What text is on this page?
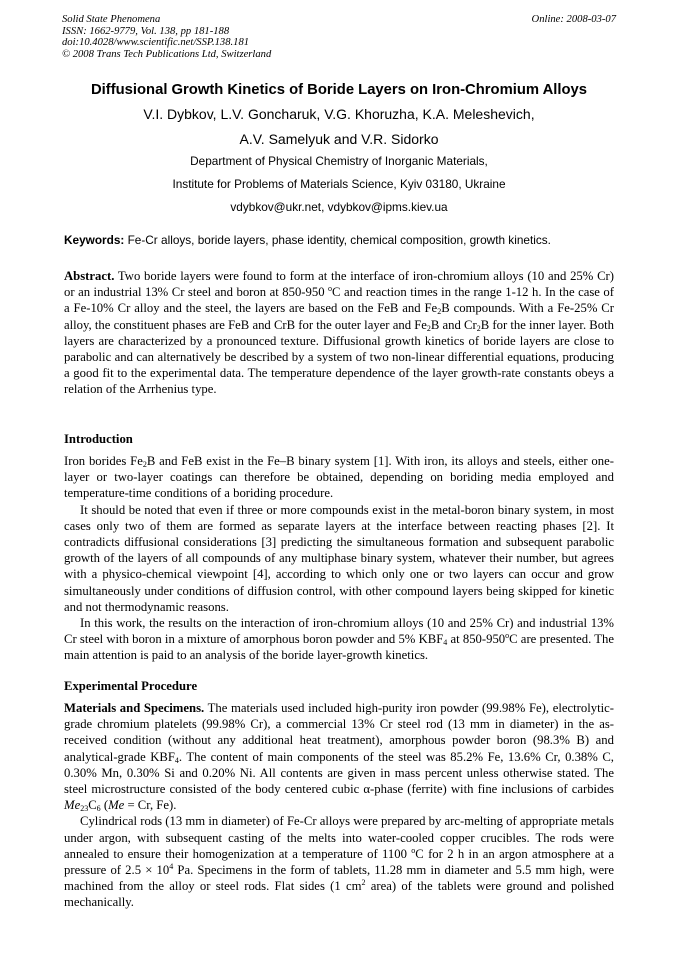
Solid State Phenomena
ISSN: 1662-9779, Vol. 138, pp 181-188
doi:10.4028/www.scientific.net/SSP.138.181
© 2008 Trans Tech Publications Ltd, Switzerland
Online: 2008-03-07
Diffusional Growth Kinetics of Boride Layers on Iron-Chromium Alloys
V.I. Dybkov, L.V. Goncharuk, V.G. Khoruzha, K.A. Meleshevich,
A.V. Samelyuk and V.R. Sidorko
Department of Physical Chemistry of Inorganic Materials,
Institute for Problems of Materials Science, Kyiv 03180, Ukraine
vdybkov@ukr.net, vdybkov@ipms.kiev.ua
Keywords: Fe-Cr alloys, boride layers, phase identity, chemical composition, growth kinetics.

Abstract. Two boride layers were found to form at the interface of iron-chromium alloys (10 and 25% Cr) or an industrial 13% Cr steel and boron at 850-950 $^o$C and reaction times in the range 1-12 h. In the case of a Fe-10% Cr alloy and the steel, the layers are based on the FeB and $Fe_2B$ compounds. With a Fe-25% Cr alloy, the constituent phases are FeB and CrB for the outer layer and $Fe_2B$ and $Cr_2B$ for the inner layer. Both layers are characterized by a pronounced texture. Diffusional growth kinetics of boride layers are close to parabolic and can alternatively be described by a system of two non-linear differential equations, producing a good fit to the experimental data. The temperature dependence of the layer growth-rate constants obeys a relation of the Arrhenius type.

Introduction

Iron borides $Fe_2B$ and FeB exist in the Fe–B binary system [1]. With iron, its alloys and steels, either one-layer or two-layer coatings can therefore be obtained, depending on boriding media employed and temperature-time conditions of a boriding procedure.

It should be noted that even if three or more compounds exist in the metal-boron binary system, in most cases only two of them are formed as separate layers at the interface between reacting phases [2]. It contradicts diffusional considerations [3] predicting the simultaneous formation and subsequent parabolic growth of the layers of all compounds of any multiphase binary system, whatever their number, but agrees with a physico-chemical viewpoint [4], according to which only one or two layers can occur and grow simultaneously under conditions of diffusion control, with other compound layers being skipped for kinetic and not thermodynamic reasons.

In this work, the results on the interaction of iron-chromium alloys (10 and 25% Cr) and industrial 13% Cr steel with boron in a mixture of amorphous boron powder and 5% $KBF_4$ at 850-950$^o$C are presented. The main attention is paid to an analysis of the boride layer-growth kinetics.

Experimental Procedure

Materials and Specimens. The materials used included high-purity iron powder (99.98% Fe), electrolytic-grade chromium platelets (99.98% Cr), a commercial 13% Cr steel rod (13 mm in diameter) in the as-received condition (without any additional heat treatment), amorphous powder boron (98.3% B) and analytical-grade $KBF_4$. The content of main components of the steel was 85.2% Fe, 13.6% Cr, 0.38% C, 0.30% Mn, 0.30% Si and 0.20% Ni. All contents are given in mass percent unless otherwise stated. The steel microstructure consisted of the body centered cubic α-phase (ferrite) with fine inclusions of carbides $Me_{23}C_6$ (Me = Cr, Fe).

Cylindrical rods (13 mm in diameter) of Fe-Cr alloys were prepared by arc-melting of appropriate metals under argon, with subsequent casting of the melts into water-cooled copper crucibles. The rods were annealed to ensure their homogenization at a temperature of 1100 $^o$C for 2 h in an argon atmosphere at a pressure of $2.5 \times 10^4$ Pa. Specimens in the form of tablets, 11.28 mm in diameter and 5.5 mm high, were machined from the alloy or steel rods. Flat sides (1 $cm^2$ area) of the tablets were ground and polished mechanically.
